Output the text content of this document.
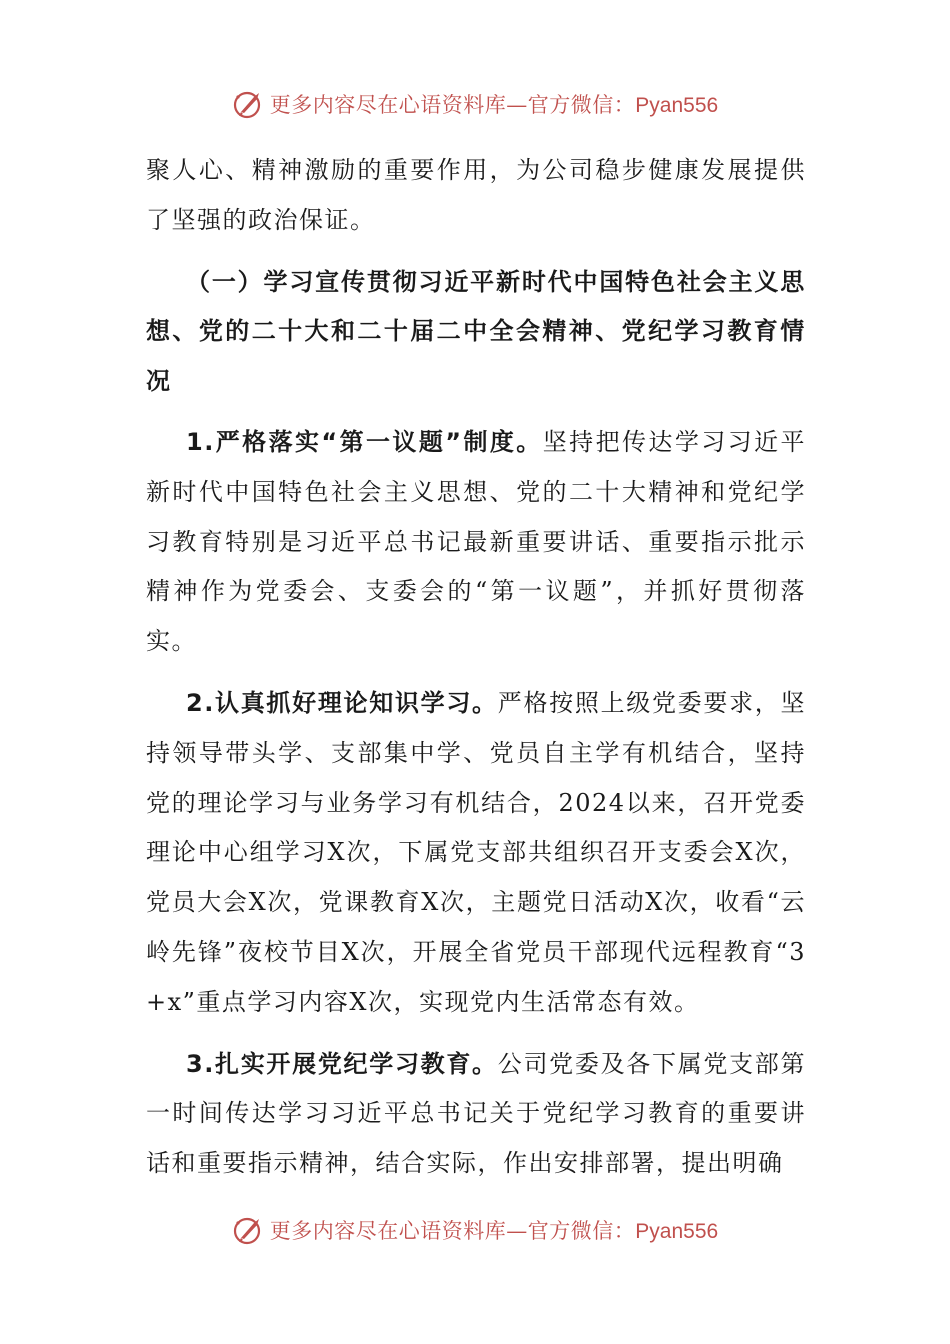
更多内容尽在心语资料库—官方微信：Pyan556

聚人心、精神激励的重要作用，为公司稳步健康发展提供了坚强的政治保证。

（一）学习宣传贯彻习近平新时代中国特色社会主义思想、党的二十大和二十届二中全会精神、党纪学习教育情况

1.严格落实“第一议题”制度。坚持把传达学习习近平新时代中国特色社会主义思想、党的二十大精神和党纪学习教育特别是习近平总书记最新重要讲话、重要指示批示精神作为党委会、支委会的“第一议题”，并抓好贯彻落实。

2.认真抓好理论知识学习。严格按照上级党委要求，坚持领导带头学、支部集中学、党员自主学有机结合，坚持党的理论学习与业务学习有机结合，2024以来，召开党委理论中心组学习X次，下属党支部共组织召开支委会X次，党员大会X次，党课教育X次，主题党日活动X次，收看“云岭先锋”夜校节目X次，开展全省党员干部现代远程教育“3+x”重点学习内容X次，实现党内生活常态有效。

3.扎实开展党纪学习教育。公司党委及各下属党支部第一时间传达学习习近平总书记关于党纪学习教育的重要讲话和重要指示精神，结合实际，作出安排部署，提出明确

更多内容尽在心语资料库—官方微信：Pyan556
